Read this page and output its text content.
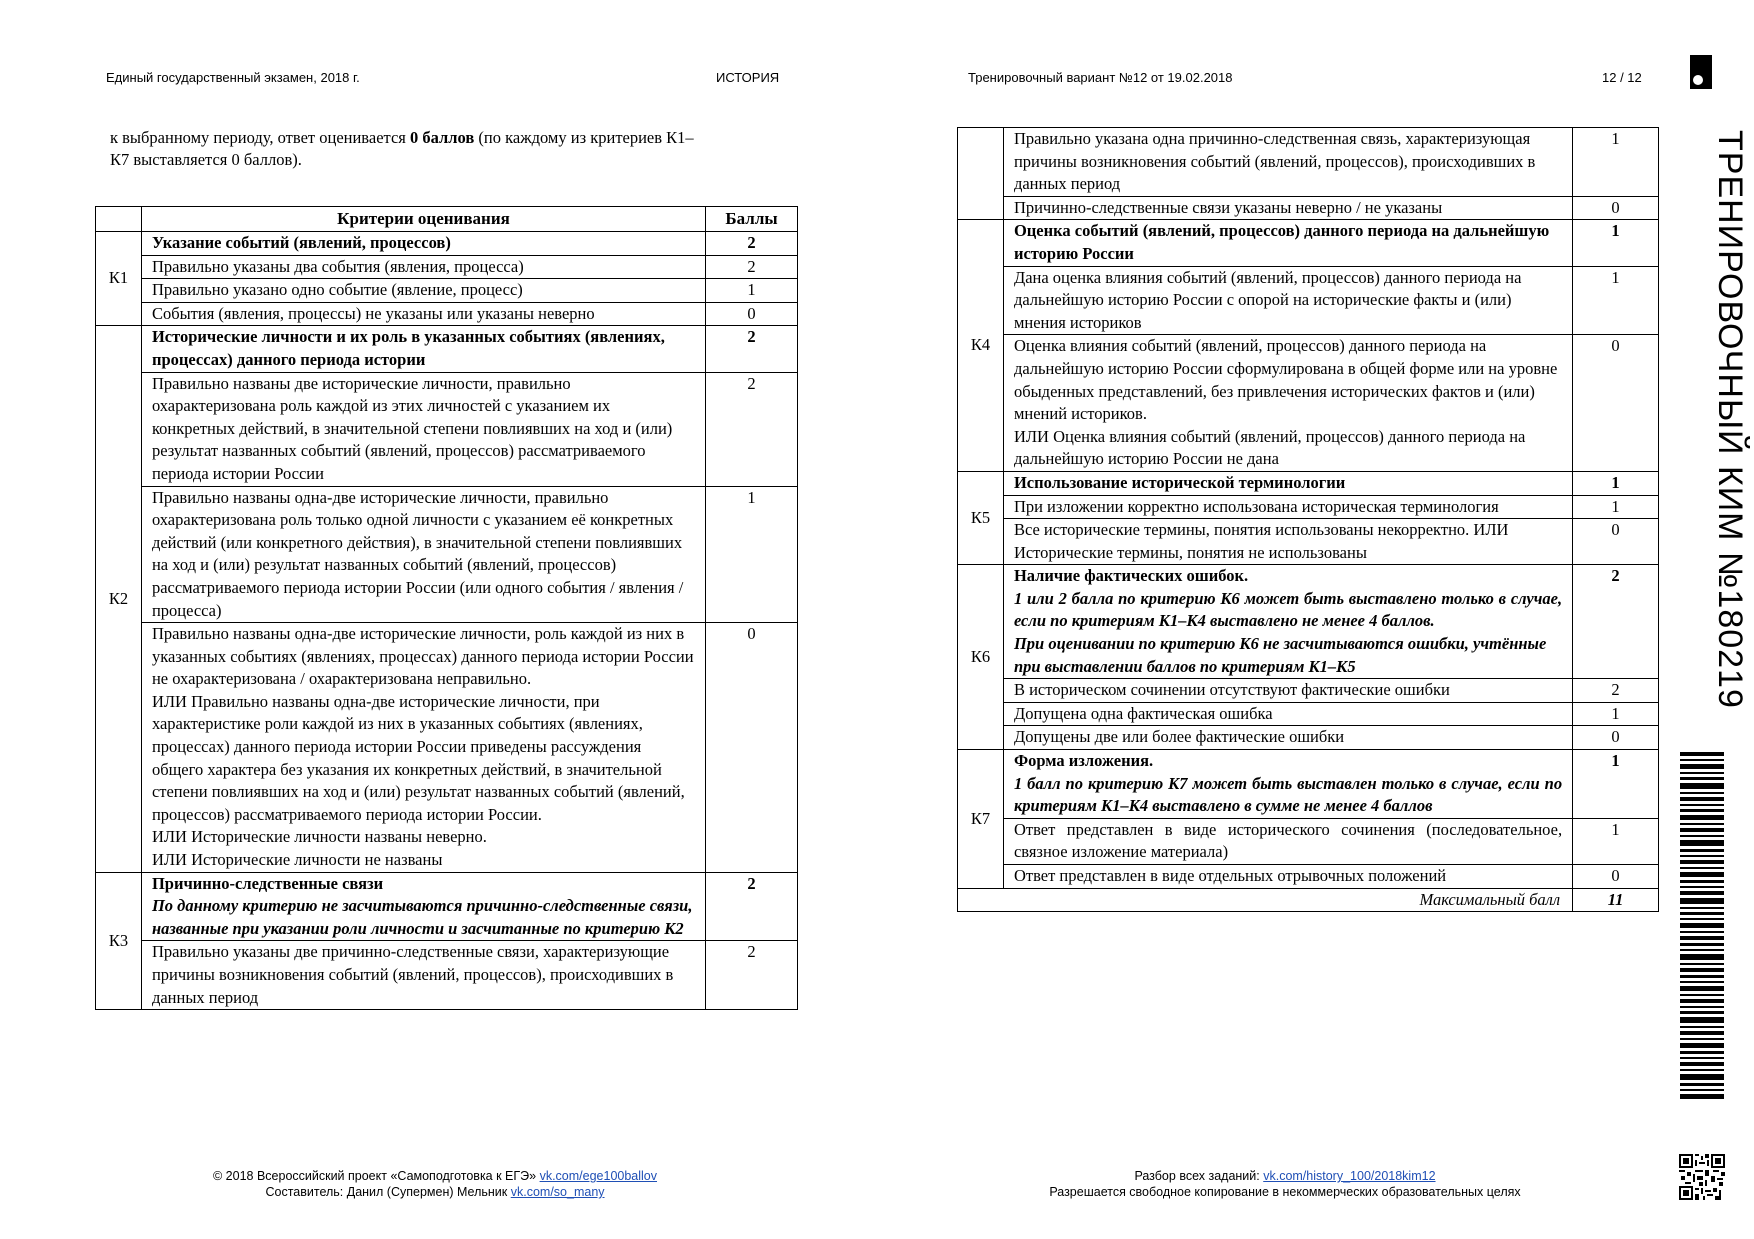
Единый государственный экзамен, 2018 г.	ИСТОРИЯ	Тренировочный вариант №12 от 19.02.2018	12 / 12
к выбранному периоду, ответ оценивается 0 баллов (по каждому из критериев К1–К7 выставляется 0 баллов).
	Критерии оценивания	Баллы
К1	Указание событий (явлений, процессов)	2
	Правильно указаны два события (явления, процесса)	2
	Правильно указано одно событие (явление, процесс)	1
	События (явления, процессы) не указаны или указаны неверно	0
К2	Исторические личности и их роль в указанных событиях (явлениях, процессах) данного периода истории	2
	Правильно названы две исторические личности, правильно охарактеризована роль каждой из этих личностей с указанием их конкретных действий, в значительной степени повлиявших на ход и (или) результат названных событий (явлений, процессов) рассматриваемого периода истории России	2
	Правильно названы одна-две исторические личности, правильно охарактеризована роль только одной личности с указанием её конкретных действий (или конкретного действия), в значительной степени повлиявших на ход и (или) результат названных событий (явлений, процессов) рассматриваемого периода истории России (или одного события / явления / процесса)	1

	Правильно названы одна-две исторические личности, роль каждой из них в указанных событиях (явлениях, процессах) данного периода истории России не охарактеризована / охарактеризована неправильно.
ИЛИ Правильно названы одна-две исторические личности, при характеристике роли каждой из них в указанных событиях (явлениях, процессах) данного периода истории России приведены рассуждения общего характера без указания их конкретных действий, в значительной степени повлиявших на ход и (или) результат названных событий (явлений, процессов) рассматриваемого периода истории России.
ИЛИ Исторические личности названы неверно.
ИЛИ Исторические личности не названы	0
К3	Причинно-следственные связи
По данному критерию не засчитываются причинно-следственные связи, названные при указании роли личности и засчитанные по критерию К2	2
	Правильно указаны две причинно-следственные связи, характеризующие причины возникновения событий (явлений, процессов), происходивших в данных период	2
	Правильно указана одна причинно-следственная связь, характеризующая причины возникновения событий (явлений, процессов), происходивших в данных период	1
	Причинно-следственные связи указаны неверно / не указаны	0
К4	Оценка событий (явлений, процессов) данного периода на дальнейшую историю России	1
	Дана оценка влияния событий (явлений, процессов) данного периода на дальнейшую историю России с опорой на исторические факты и (или) мнения историков	1

	Оценка влияния событий (явлений, процессов) данного периода на дальнейшую историю России сформулирована в общей форме или на уровне обыденных представлений, без привлечения исторических фактов и (или) мнений историков.
ИЛИ Оценка влияния событий (явлений, процессов) данного периода на дальнейшую историю России не дана	0
К5	Использование исторической терминологии	1
	При изложении корректно использована историческая терминология	1
	Все исторические термины, понятия использованы некорректно. ИЛИ Исторические термины, понятия не использованы	0
К6	Наличие фактических ошибок.
1 или 2 балла по критерию К6 может быть выставлено только в случае, если по критериям К1–К4 выставлено не менее 4 баллов.
При оценивании по критерию К6 не засчитываются ошибки, учтённые при выставлении баллов по критериям К1–К5	2
	В историческом сочинении отсутствуют фактические ошибки	2
	Допущена одна фактическая ошибка	1
	Допущены две или более фактические ошибки	0
К7	Форма изложения.
1 балл по критерию К7 может быть выставлен только в случае, если по критериям К1–К4 выставлено в сумме не менее 4 баллов	1
	Ответ представлен в виде исторического сочинения (последовательное, связное изложение материала)	1
	Ответ представлен в виде отдельных отрывочных положений	0
Максимальный балл		11
© 2018 Всероссийский проект «Самоподготовка к ЕГЭ» vk.com/ege100ballov
Составитель: Данил (Супермен) Мельник vk.com/so_many
Разбор всех заданий: vk.com/history_100/2018kim12
Разрешается свободное копирование в некоммерческих образовательных целях
ТРЕНИРОВОЧНЫЙ КИМ №180219
